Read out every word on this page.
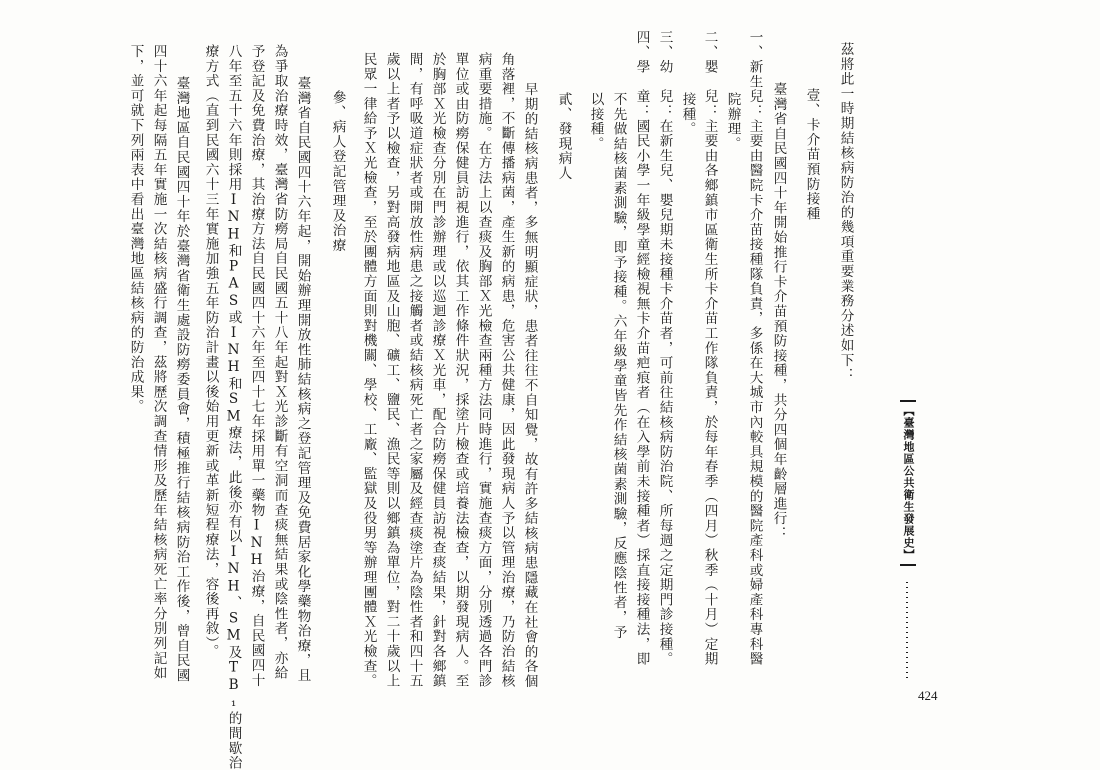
【臺灣地區公共衛生發展史】
424
茲將此一時期結核病防治的幾項重要業務分述如下：
壹、卡介苗預防接種
臺灣省自民國四十年開始推行卡介苗預防接種，共分四個年齡層進行：
一、新生兒：主要由醫院卡介苗接種隊負責，多係在大城市內較具規模的醫院產科或婦產科專科醫
院辦理。
二、嬰　兒：主要由各鄉鎮市區衛生所卡介苗工作隊負責，於每年春季（四月）秋季（十月）定期
接種。
三、幼　兒：在新生兒、嬰兒期未接種卡介苗者，可前往結核病防治院、所每週之定期門診接種。
四、學　童：國民小學一年級學童經檢視無卡介苗疤痕者（在入學前未接種者）採直接接種法，即
不先做結核菌素測驗，即予接種。六年級學童皆先作結核菌素測驗，反應陰性者，予
以接種。
貳、發現病人
早期的結核病患者，多無明顯症狀，患者往往不自知覺，故有許多結核病患隱藏在社會的各個
角落裡，不斷傳播病菌，產生新的病患，危害公共健康，因此發現病人予以管理治療，乃防治結核
病重要措施。在方法上以查痰及胸部Ｘ光檢查兩種方法同時進行，實施查痰方面，分別透過各門診
單位或由防癆保健員訪視進行，依其工作條件狀況，採塗片檢查或培養法檢查，以期發現病人。至
於胸部Ｘ光檢查分別在門診辦理或以巡迴診療Ｘ光車，配合防癆保健員訪視查痰結果，針對各鄉鎮
間，有呼吸道症狀者或開放性病患之接觸者或結核病死亡者之家屬及經查痰塗片為陰性者和四十五
歲以上者予以檢查，另對高發病地區及山胞、礦工、鹽民、漁民等則以鄉鎮為單位，對二十歲以上
民眾一律給予Ｘ光檢查，至於團體方面則對機關、學校、工廠、監獄及役男等辦理團體Ｘ光檢查。
參、病人登記管理及治療
臺灣省自民國四十六年起，開始辦理開放性肺結核病之登記管理及免費居家化學藥物治療，且
為爭取治療時效，臺灣省防癆局自民國五十八年起對Ｘ光診斷有空洞而查痰無結果或陰性者，亦給
予登記及免費治療，其治療方法自民國四十六年至四十七年採用單一藥物INH治療，自民國四十
八年至五十六年則採用INH和PAS或INH和SM療法，此後亦有以INH、SM及TB₁的間歇治
療方式（直到民國六十三年實施加強五年防治計畫以後始用更新或革新短程療法，容後再敘）。
臺灣地區自民國四十年於臺灣省衛生處設防癆委員會，積極推行結核病防治工作後，曾自民國
四十六年起每隔五年實施一次結核病盛行調查，茲將歷次調查情形及歷年結核病死亡率分別列記如
下，並可就下列兩表中看出臺灣地區結核病的防治成果。
